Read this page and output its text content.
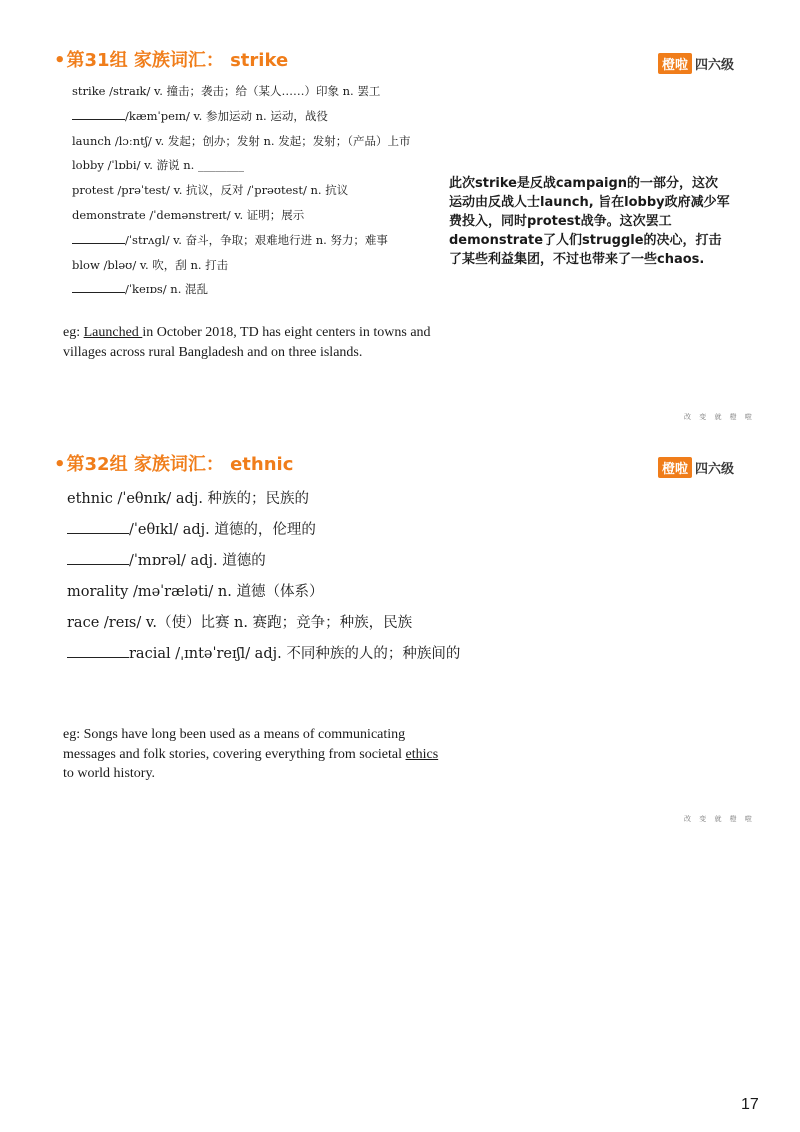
•第31组 家族词汇： strike	橙啦 四六级
strike /straɪk/ v. 撞击；袭击；给（某人……）印象 n. 罢工
/kæmˈpeɪn/ v. 参加运动 n. 运动，战役
launch /lɔːntʃ/ v. 发起；创办；发射 n. 发起；发射；（产品）上市
lobby /ˈlɒbi/ v. 游说 n. ________
protest /prəˈtest/ v. 抗议，反对 /ˈprəʊtest/ n. 抗议
demonstrate /ˈdemənstreɪt/ v. 证明；展示
/ˈstrʌgl/ v. 奋斗，争取；艰难地行进 n. 努力；难事
blow /bləʊ/ v. 吹，刮 n. 打击
/ˈkeɪɒs/ n. 混乱
此次strike是反战campaign的一部分，这次运动由反战人士launch, 旨在lobby政府减少军费投入，同时protest战争。这次罢工demonstrate了人们struggle的决心，打击了某些利益集团，不过也带来了一些chaos.
eg: Launched in October 2018, TD has eight centers in towns and villages across rural Bangladesh and on three islands.
改 变 就 橙 啦
•第32组 家族词汇： ethnic	橙啦 四六级
ethnic /ˈeθnɪk/ adj. 种族的；民族的
/ˈeθɪkl/ adj. 道德的，伦理的
/ˈmɒrəl/ adj. 道德的
morality /məˈræləti/ n. 道德（体系）
race /reɪs/ v.（使）比赛 n. 赛跑；竞争；种族，民族
racial /ˌɪntəˈreɪʃl/ adj. 不同种族的人的；种族间的
eg: Songs have long been used as a means of communicating messages and folk stories, covering everything from societal ethics to world history.
改 变 就 橙 啦
17
